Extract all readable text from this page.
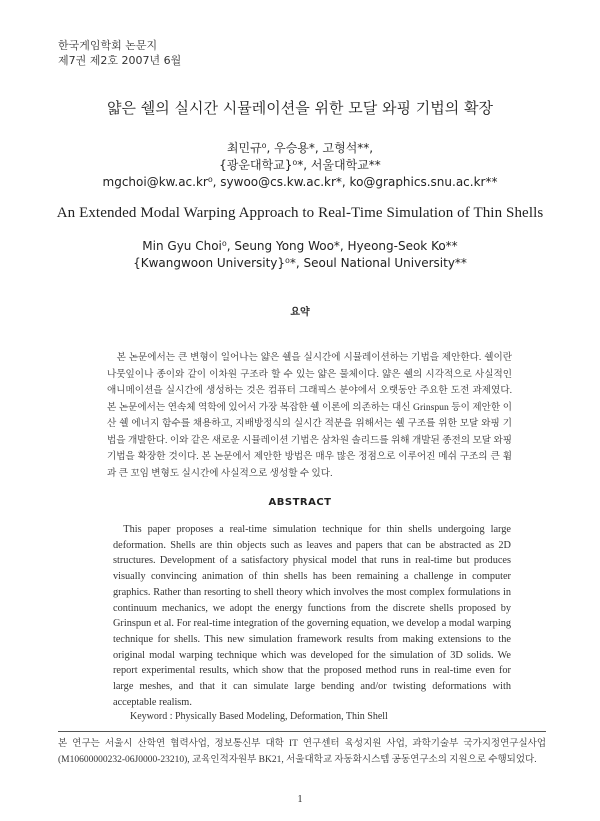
한국게임학회 논문지
제7권 제2호 2007년 6월
얇은 쉘의 실시간 시뮬레이션을 위한 모달 와핑 기법의 확장
최민규⁰, 우승용*, 고형석**,
{광운대학교}⁰*, 서울대학교**
mgchoi@kw.ac.kr⁰, sywoo@cs.kw.ac.kr*, ko@graphics.snu.ac.kr**
An Extended Modal Warping Approach to Real-Time Simulation of Thin Shells
Min Gyu Choi⁰, Seung Yong Woo*, Hyeong-Seok Ko**
{Kwangwoon University}⁰*, Seoul National University**
요약

본 논문에서는 큰 변형이 일어나는 얇은 쉘을 실시간에 시뮬레이션하는 기법을 제안한다. 쉘이란 나뭇잎이나 종이와 같이 이차원 구조라 할 수 있는 얇은 물체이다. 얇은 쉘의 시각적으로 사실적인 애니메이션을 실시간에 생성하는 것은 컴퓨터 그래픽스 분야에서 오랫동안 주요한 도전 과제였다. 본 논문에서는 연속체 역학에 있어서 가장 복잡한 쉘 이론에 의존하는 대신 Grinspun 등이 제안한 이산 쉘 에너지 함수를 채용하고, 지배방정식의 실시간 적분을 위해서는 쉘 구조를 위한 모달 와핑 기법을 개발한다. 이와 같은 새로운 시뮬레이션 기법은 삼차원 솔리드를 위해 개발된 종전의 모달 와핑 기법을 확장한 것이다. 본 논문에서 제안한 방법은 매우 많은 정점으로 이루어진 메쉬 구조의 큰 휨과 큰 꼬임 변형도 실시간에 사실적으로 생성할 수 있다.

ABSTRACT

This paper proposes a real-time simulation technique for thin shells undergoing large deformation. Shells are thin objects such as leaves and papers that can be abstracted as 2D structures. Development of a satisfactory physical model that runs in real-time but produces visually convincing animation of thin shells has been remaining a challenge in computer graphics. Rather than resorting to shell theory which involves the most complex formulations in continuum mechanics, we adopt the energy functions from the discrete shells proposed by Grinspun et al. For real-time integration of the governing equation, we develop a modal warping technique for shells. This new simulation framework results from making extensions to the original modal warping technique which was developed for the simulation of 3D solids. We report experimental results, which show that the proposed method runs in real-time even for large meshes, and that it can simulate large bending and/or twisting deformations with acceptable realism.

Keyword : Physically Based Modeling, Deformation, Thin Shell
본 연구는 서울시 산학연 협력사업, 정보통신부 대학 IT 연구센터 육성지원 사업, 과학기술부 국가지정연구실사업(M10600000232-06J0000-23210), 교육인적자원부 BK21, 서울대학교 자동화시스템 공동연구소의 지원으로 수행되었다.
1
